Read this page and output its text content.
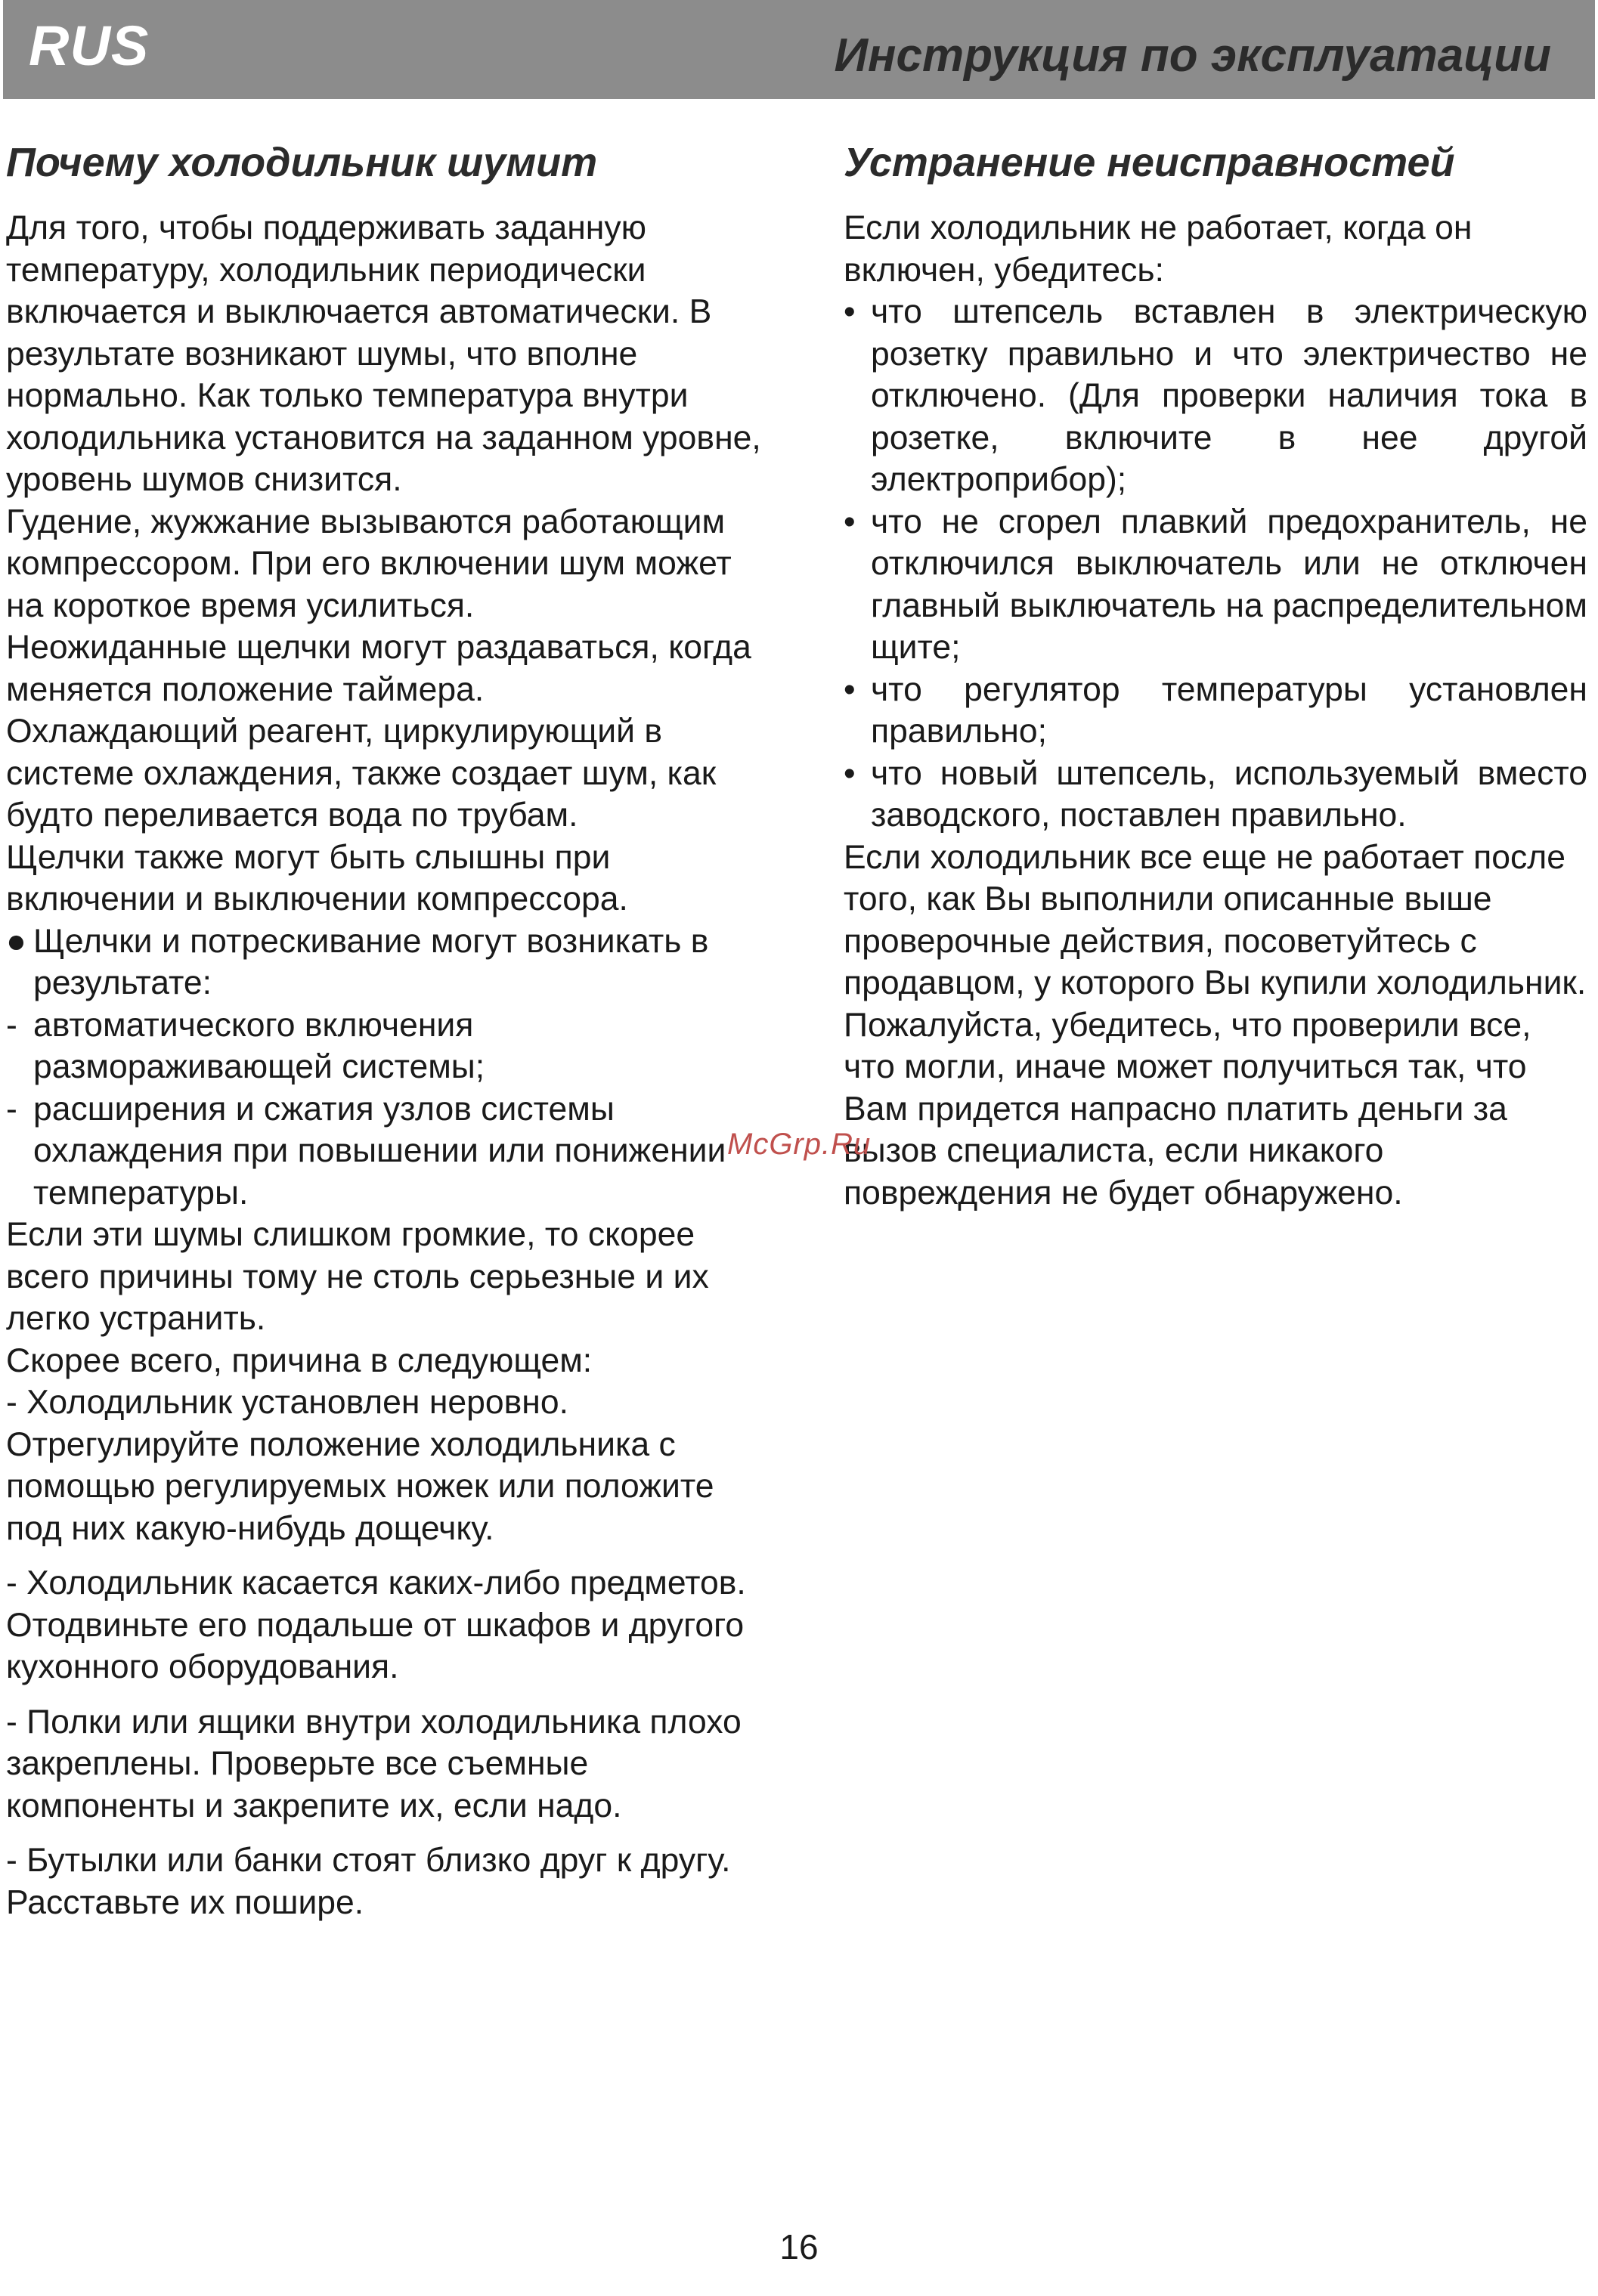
RUS	Инструкция по эксплуатации
Почему холодильник шумит

Для того, чтобы поддерживать заданную температуру, холодильник периодически включается и выключается автоматически. В результате возникают шумы, что вполне нормально. Как только температура внутри холодильника установится на заданном уровне, уровень шумов снизится.

Гудение, жужжание вызываются работающим компрессором. При его включении шум может на короткое время усилиться.

Неожиданные щелчки могут раздаваться, когда меняется положение таймера.

Охлаждающий реагент, циркулирующий в системе охлаждения, также создает шум, как будто переливается вода по трубам.

Щелчки также могут быть слышны при включении и выключении компрессора.

● Щелчки и потрескивание могут возникать в результате:
- автоматического включения размораживающей системы;
- расширения и сжатия узлов системы охлаждения при повышении или понижении температуры.

Если эти шумы слишком громкие, то скорее всего причины тому не столь серьезные и их легко устранить.

Скорее всего, причина в следующем:

- Холодильник установлен неровно. Отрегулируйте положение холодильника с помощью регулируемых ножек или положите под них какую-нибудь дощечку.

- Холодильник касается каких-либо предметов. Отодвиньте его подальше от шкафов и другого кухонного оборудования.

- Полки или ящики внутри холодильника плохо закреплены. Проверьте все съемные компоненты и закрепите их, если надо.

- Бутылки или банки стоят близко друг к другу. Расставьте их пошире.

Устранение неисправностей

Если холодильник не работает, когда он включен, убедитесь:

• что штепсель вставлен в электрическую розетку правильно и что электричество не отключено. (Для проверки наличия тока в розетке, включите в нее другой электроприбор);
• что не сгорел плавкий предохранитель, не отключился выключатель или не отключен главный выключатель на распределительном щите;
• что регулятор температуры установлен правильно;
• что новый штепсель, используемый вместо заводского, поставлен правильно.

Если холодильник все еще не работает после того, как Вы выполнили описанные выше проверочные действия, посоветуйтесь с продавцом, у которого Вы купили холодильник.

Пожалуйста, убедитесь, что проверили все, что могли, иначе может получиться так, что Вам придется напрасно платить деньги за вызов специалиста, если никакого повреждения не будет обнаружено.

McGrp.Ru
16
